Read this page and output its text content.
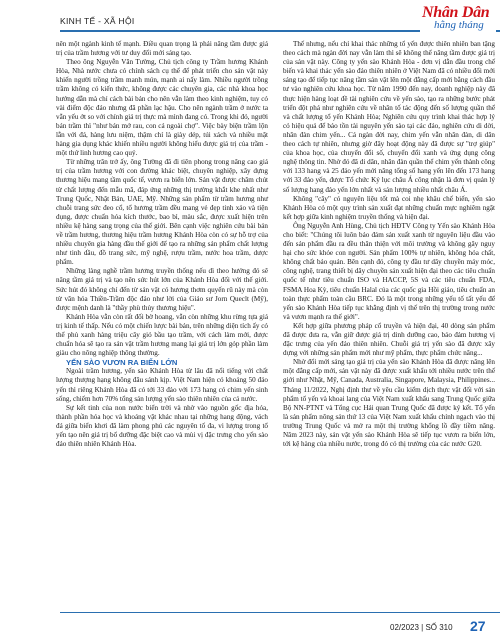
KINH TẾ - XÃ HỘI	Nhân Dân
hằng tháng

nên một ngành kinh tế mạnh. Điều quan trọng là phải nâng tầm được giá trị của trầm hương với tư duy đổi mới sáng tạo.

Theo ông Nguyễn Văn Tường, Chủ tịch công ty Trầm hương Khánh Hòa, Nhà nước chưa có chính sách cụ thể để phát triển cho sản vật này khiến người trồng trầm manh mún, mạnh ai nấy làm. Nhiều người trồng trầm không có kiến thức, không được các chuyên gia, các nhà khoa học hướng dẫn mà chỉ cách bài bản cho nên vẫn làm theo kinh nghiệm, tuy có vài điểm độc đáo nhưng đã phần lạc hậu. Cho nên ngành trầm ở nước ta vẫn yếu ớt so với chính giá trị thực mà mình đang có. Trong khi đó, người bán trầm thì "như bán mớ rau, con cá ngoài chợ". Việc bày biện trầm lộn lẫn với đá, hàng lưu niệm, thậm chí là giày dép, túi xách và nhiều mặt hàng gia dụng khác khiến nhiều người không hiểu được giá trị của trầm - một thứ linh hương cao quý.

Từ những trăn trở ấy, ông Tường đã đi tiên phong trong nâng cao giá trị của trầm hương với con đường khác biệt, chuyên nghiệp, xây dựng thương hiệu mang tầm quốc tế, vươn ra biển lớn. Sản vật được chăm chút từ chất lượng đến mẫu mã, đáp ứng những thị trường khắt khe nhất như Trung Quốc, Nhật Bản, UAE, Mỹ. Những sản phẩm từ trầm hương như chuỗi trang sức đeo cổ, tổ hương trầm đều mang vẻ đẹp tinh xảo và tiện dụng, được chuẩn hóa kích thước, bao bì, màu sắc, được xuất hiện trên nhiều kệ hàng sang trọng của thế giới. Bên cạnh việc nghiên cứu bài bản về trầm hương, thương hiệu trầm hương Khánh Hòa còn có sự hỗ trợ của nhiều chuyên gia hàng đầu thế giới để tạo ra những sản phẩm chất lượng như tinh dầu, đồ trang sức, mỹ nghệ, rượu trầm, nước hoa trầm, dược phẩm.

Những làng nghề trầm hương truyền thống nếu dì theo hướng đó sẽ nâng tầm giá trị và tạo nên sức hút lớn của Khánh Hòa đối với thế giới. Sức hút đó không chỉ đến từ sản vật có hương thơm quyến rũ này mà còn từ văn hóa Thiền-Trầm độc đáo như lời của Giáo sư Jorn Queclt (Mỹ), được mệnh danh là "thầy phù thủy thương hiệu".

Khánh Hòa vẫn còn rất đối bờ hoang, vẫn còn những khu rừng tựa giá trị kinh tế thấp. Nếu có một chiến lược bài bản, trên những diện tích ấy có thể phủ xanh hàng triệu cây gió bầu tạo trầm, với cách làm mới, được chuẩn hóa sẽ tạo ra sản vật trầm hương mang lại giá trị lớn góp phần làm giàu cho nông nghiệp thông thường.

YẾN SÀO VƯƠN RA BIỂN LỚN

Ngoài trầm hương, yến sào Khánh Hòa từ lâu đã nổi tiếng với chất lượng thượng hạng không đâu sánh kịp. Việt Nam hiện có khoảng 50 đảo yến thì riêng Khánh Hòa đã có tới 33 đảo với 173 hang có chim yến sinh sống, chiếm hơn 70% tổng sản lượng yến sào thiên nhiên của cả nước.

Sự kết tinh của non nước biển trời và nhờ vào nguồn gốc địa hóa, thành phần hóa học và khoáng vật khác nhau tại những hang động, vách đá giữa biển khơi đã làm phong phú các nguyên tố đa, vi lượng trong tổ yến tạo nên giá trị bổ dưỡng đặc biệt cao và mùi vị đặc trưng cho yến sào đảo thiên nhiên Khánh Hòa.

Thế nhưng, nếu chỉ khai thác những tổ yến được thiên nhiên ban tặng theo cách mà ngàn đời nay vẫn làm thì sẽ không thể nâng tầm được giá trị của sản vật này. Công ty yến sào Khánh Hòa - đơn vị dẫn đầu trong chế biến và khai thác yến sào đảo thiên nhiên ở Việt Nam đã có nhiều đổi mới sáng tạo để tiếp tục nâng tầm sản vật lên một đẳng cấp mới bằng cách đầu tư vào nghiên cứu khoa học. Từ năm 1990 đến nay, doanh nghiệp này đã thực hiện hàng loạt đề tài nghiên cứu về yến sào, tạo ra những bước phát triển đột phá như nghiên cứu về nhân tố tác động đến số lượng quần thể và chất lượng tổ yến Khánh Hòa; Nghiên cứu quy trình khai thác hợp lý có hiệu quả để bảo tồn tài nguyên yến sào tại các đảo, nghiên cứu di dời, nhân đàn chim yến... Cá ngàn đời nay, chim yến vẫn nhân đàn, di dân theo cách tự nhiên, nhưng giờ đây hoạt động này đã được sự "trợ giúp" của khoa học, của chuyển đổi số, chuyển đổi xanh và ứng dụng công nghệ thông tin. Nhờ đó đã di dân, nhân đàn quần thể chim yến thành công với 133 hang và 25 đảo yến mới nâng tổng số hang yến lên đến 173 hang với 33 đảo yến, được Tổ chức Kỷ lục châu Á công nhận là đơn vị quản lý số lượng hang đảo yến lớn nhất và sản lượng nhiều nhất châu Á.

Không "cây" có nguyên liệu tốt mà coi nhẹ khâu chế biến, yến sào Khánh Hòa có một quy trình sản xuất đạt những chuẩn mực nghiêm ngặt kết hợp giữa kinh nghiệm truyền thống và hiện đại.

Ông Nguyễn Anh Hùng, Chủ tịch HĐTV Công ty Yến sào Khánh Hòa cho biết: "Chúng tôi luôn bảo đảm sản xuất xanh từ nguyên liệu đầu vào đến sản phẩm đầu ra đều thân thiện với môi trường và không gây nguy hại cho sức khỏe con người. Sản phẩm 100% tự nhiên, không hóa chất, không chất bảo quản. Bên cạnh đó, công ty đầu tư dây chuyền máy móc, công nghệ, trang thiết bị dây chuyền sản xuất hiện đại theo các tiêu chuẩn quốc tế như tiêu chuẩn ISO và HACCP, 5S và các tiêu chuẩn FDA, FSMA Hoa Kỳ, tiêu chuẩn Halal của các quốc gia Hồi giáo, tiêu chuẩn an toàn thực phẩm toàn cầu BRC. Đó là một trong những yếu tố tất yếu để yến sào Khánh Hòa tiếp tục khẳng định vị thế trên thị trường trong nước và vươn mạnh ra thế giới".

Kết hợp giữa phương pháp cổ truyền và hiện đại, 40 dòng sản phẩm đã được đưa ra, vẫn giữ được giá trị dinh dưỡng cao, bảo đảm hương vị đặc trưng của yến đảo thiên nhiên. Chuỗi giá trị yến sào đã được xây dựng với những sản phẩm mới như mỹ phẩm, thực phẩm chức năng...

Nhờ đổi mới sáng tạo giá trị của yến sào Khánh Hòa đã được nâng lên một đẳng cấp mới, sản vật này đã được xuất khẩu tới nhiều nước trên thế giới như Nhật, Mỹ, Canada, Australia, Singapore, Malaysia, Philippines... Tháng 11/2022, Nghị định thư về yêu cầu kiểm dịch thực vật đối với sản phẩm tổ yến và khoai lang của Việt Nam xuất khẩu sang Trung Quốc giữa Bộ NN-PTNT và Tổng cục Hải quan Trung Quốc đã được ký kết. Tổ yến là sản phẩm nông sản thứ 13 của Việt Nam xuất khẩu chính ngạch vào thị trường Trung Quốc và mở ra một thị trường khổng lồ đầy tiềm năng. Năm 2023 này, sản vật yến sào Khánh Hòa sẽ tiếp tục vươn ra biển lớn, tới kệ hàng của nhiều nước, trong đó có thị trường của các nước G20.

02/2023 | SỐ 310 27
